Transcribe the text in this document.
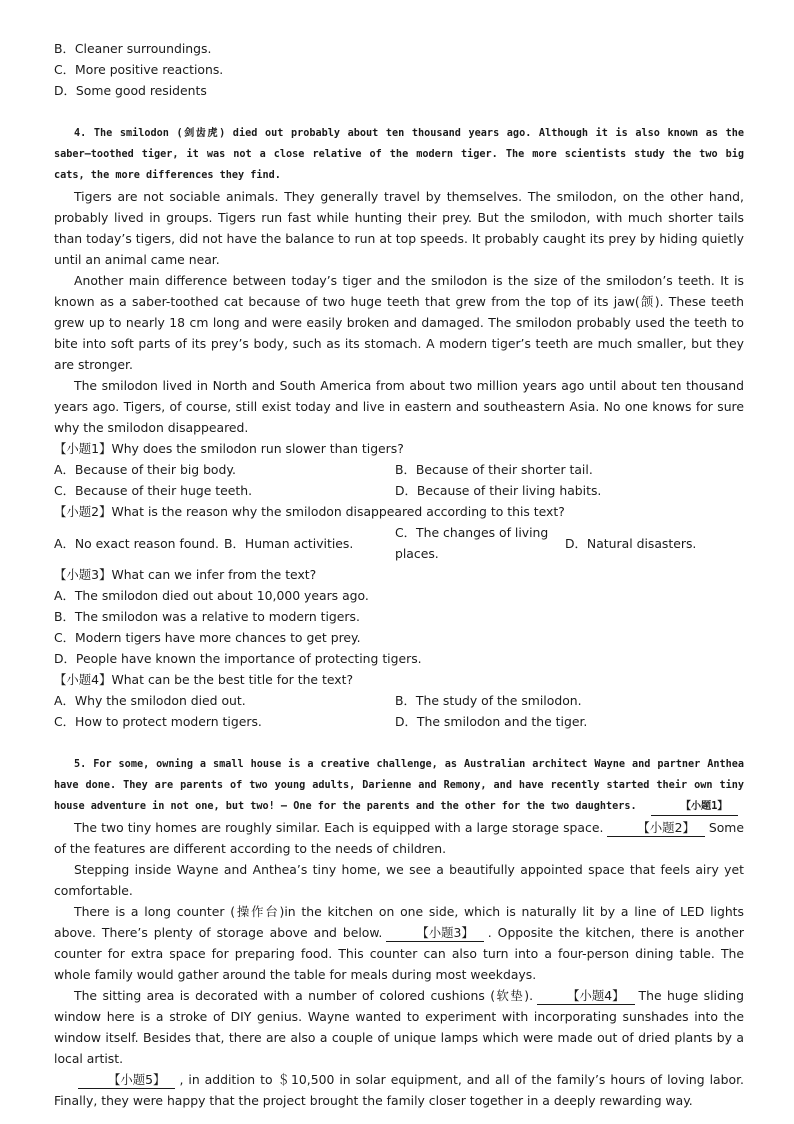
B．Cleaner surroundings.

C．More positive reactions.

D．Some good residents

4. The smilodon (剑齿虎) died out probably about ten thousand years ago. Although it is also known as the saber—toothed tiger, it was not a close relative of the modern tiger. The more scientists study the two big cats, the more differences they find.

Tigers are not sociable animals. They generally travel by themselves. The smilodon, on the other hand, probably lived in groups. Tigers run fast while hunting their prey. But the smilodon, with much shorter tails than today’s tigers, did not have the balance to run at top speeds. It probably caught its prey by hiding quietly until an animal came near.

Another main difference between today’s tiger and the smilodon is the size of the smilodon’s teeth. It is known as a saber-toothed cat because of two huge teeth that grew from the top of its jaw(颌). These teeth grew up to nearly 18 cm long and were easily broken and damaged. The smilodon probably used the teeth to bite into soft parts of its prey’s body, such as its stomach. A modern tiger’s teeth are much smaller, but they are stronger.

The smilodon lived in North and South America from about two million years ago until about ten thousand years ago. Tigers, of course, still exist today and live in eastern and southeastern Asia. No one knows for sure why the smilodon disappeared.

【小题1】Why does the smilodon run slower than tigers?

A．Because of their big body.	B．Because of their shorter tail.
C．Because of their huge teeth.	D．Because of their living habits.

【小题2】What is the reason why the smilodon disappeared according to this text?

A．No exact reason found. B．Human activities.
C．The changes of living places.
D．Natural disasters.

【小题3】What can we infer from the text?

A．The smilodon died out about 10,000 years ago.

B．The smilodon was a relative to modern tigers.

C．Modern tigers have more chances to get prey.

D．People have known the importance of protecting tigers.

【小题4】What can be the best title for the text?

A．Why the smilodon died out.	B．The study of the smilodon.
C．How to protect modern tigers.	D．The smilodon and the tiger.

5. For some, owning a small house is a creative challenge, as Australian architect Wayne and partner Anthea have done. They are parents of two young adults, Darienne and Remony, and have recently started their own tiny house adventure in not one, but two! — One for the parents and the other for the two daughters.	【小题1】

The two tiny homes are roughly similar. Each is equipped with a large storage space.	【小题2】 Some of the features are different according to the needs of children.

Stepping inside Wayne and Anthea’s tiny home, we see a beautifully appointed space that feels airy yet comfortable.

There is a long counter (操作台)in the kitchen on one side, which is naturally lit by a line of LED lights above. There’s plenty of storage above and below.	【小题3】 . Opposite the kitchen, there is another counter for extra space for preparing food. This counter can also turn into a four-person dining table. The whole family would gather around the table for meals during most weekdays.

The sitting area is decorated with a number of colored cushions (软垫).	【小题4】 The huge sliding window here is a stroke of DIY genius. Wayne wanted to experiment with incorporating sunshades into the window itself. Besides that, there are also a couple of unique lamps which were made out of dried plants by a local artist.

【小题5】 , in addition to ＄10,500 in solar equipment, and all of the family’s hours of loving labor. Finally, they were happy that the project brought the family closer together in a deeply rewarding way.
